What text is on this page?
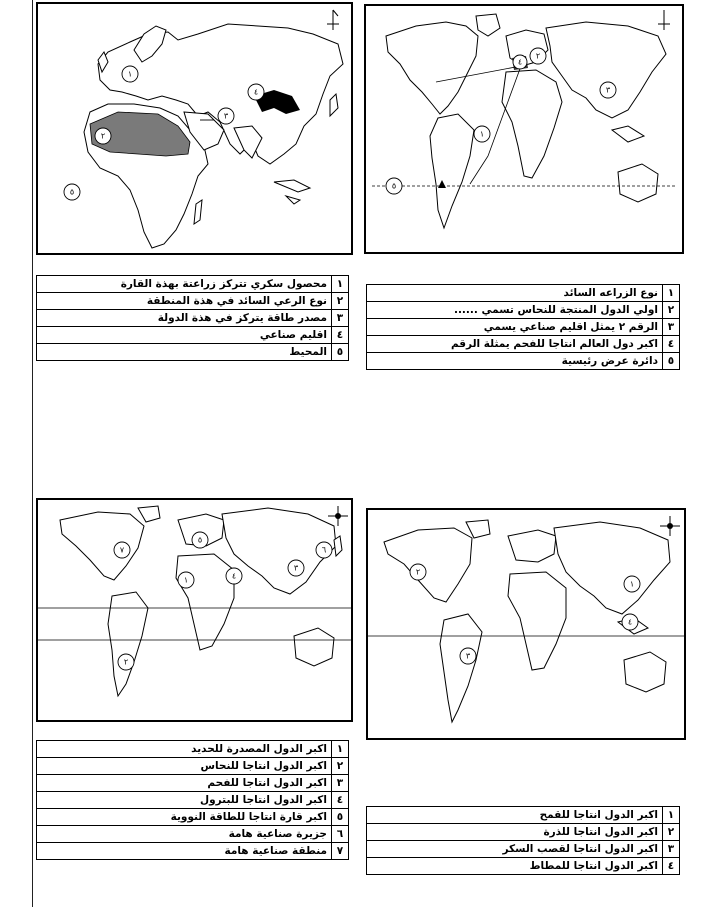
١
٢
٣
٤
٥
١
٢
٣
٤
٥
١	محصول سكري تتركز زراعتة بهذة القارة
٢	نوع الرعي السائد في هذة المنطقة
٣	مصدر طاقة يتركز في هذة الدولة
٤	اقليم صناعي
٥	المحيط
١	نوع الزراعه السائد
٢	اولي الدول المنتجة للنحاس تسمي ......
٣	الرقم ٢ يمثل اقليم صناعي يسمي
٤	اكبر دول العالم انتاجا للفحم يمثلة الرقم
٥	دائرة عرض رئيسية
١
٢
٣
٤
٥
٦
٧
١
٢
٣
٤
١	اكبر الدول المصدرة للحديد
٢	اكبر الدول انتاجا للنحاس
٣	اكبر الدول انتاجا للفحم
٤	اكبر الدول انتاجا للبترول
٥	اكبر قارة انتاجا للطاقة النووية
٦	جزيرة صناعية هامة
٧	منطقة صناعية هامة
١	اكبر الدول انتاجا للقمح
٢	اكبر الدول انتاجا للذرة
٣	اكبر الدول انتاجا لقصب السكر
٤	اكبر الدول انتاجا للمطاط
